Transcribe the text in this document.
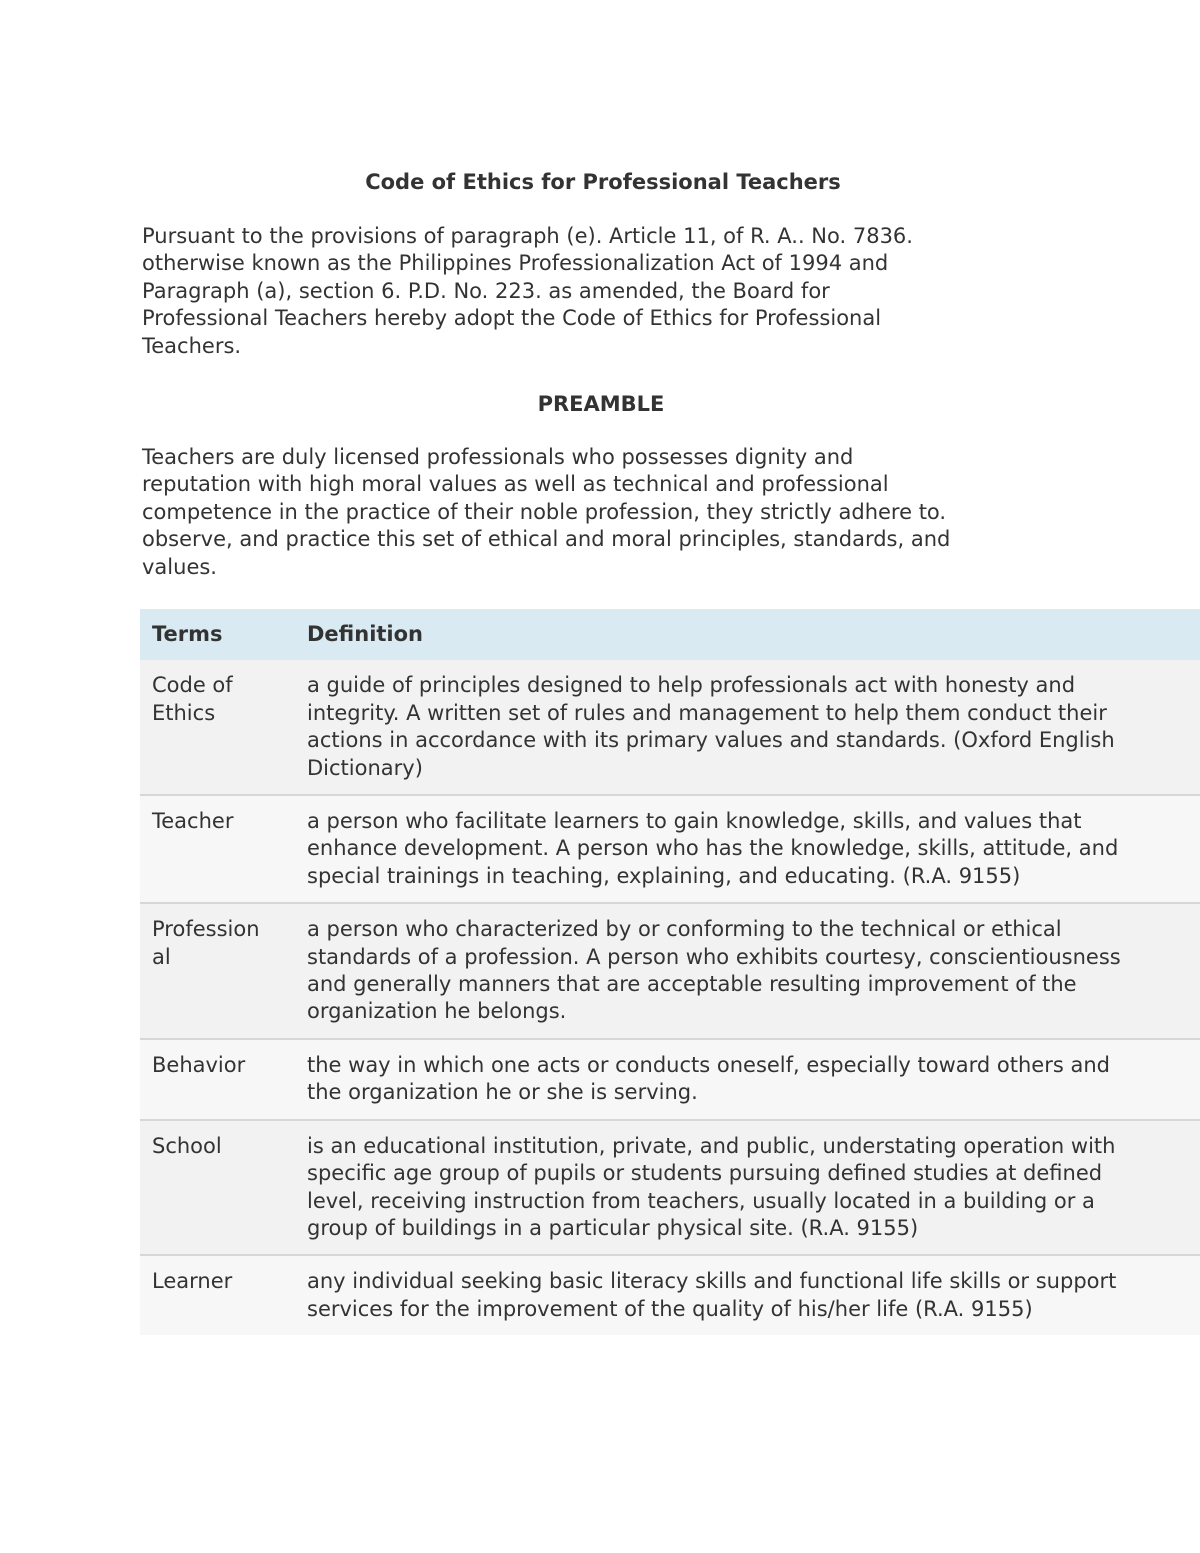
Code of Ethics for Professional Teachers

Pursuant to the provisions of paragraph (e). Article 11, of R. A.. No. 7836.
otherwise known as the Philippines Professionalization Act of 1994 and
Paragraph (a), section 6. P.D. No. 223. as amended, the Board for
Professional Teachers hereby adopt the Code of Ethics for Professional
Teachers.

PREAMBLE

Teachers are duly licensed professionals who possesses dignity and
reputation with high moral values as well as technical and professional
competence in the practice of their noble profession, they strictly adhere to.
observe, and practice this set of ethical and moral principles, standards, and
values.

Terms	Definition

Code of
Ethics	a guide of principles designed to help professionals act with honesty and
integrity. A written set of rules and management to help them conduct their
actions in accordance with its primary values and standards. (Oxford English
Dictionary)

Teacher	a person who facilitate learners to gain knowledge, skills, and values that
enhance development. A person who has the knowledge, skills, attitude, and
special trainings in teaching, explaining, and educating. (R.A. 9155)

Profession
al	a person who characterized by or conforming to the technical or ethical
standards of a profession. A person who exhibits courtesy, conscientiousness
and generally manners that are acceptable resulting improvement of the
organization he belongs.

Behavior	the way in which one acts or conducts oneself, especially toward others and
the organization he or she is serving.

School	is an educational institution, private, and public, understating operation with
specific age group of pupils or students pursuing defined studies at defined
level, receiving instruction from teachers, usually located in a building or a
group of buildings in a particular physical site. (R.A. 9155)

Learner	any individual seeking basic literacy skills and functional life skills or support
services for the improvement of the quality of his/her life (R.A. 9155)
